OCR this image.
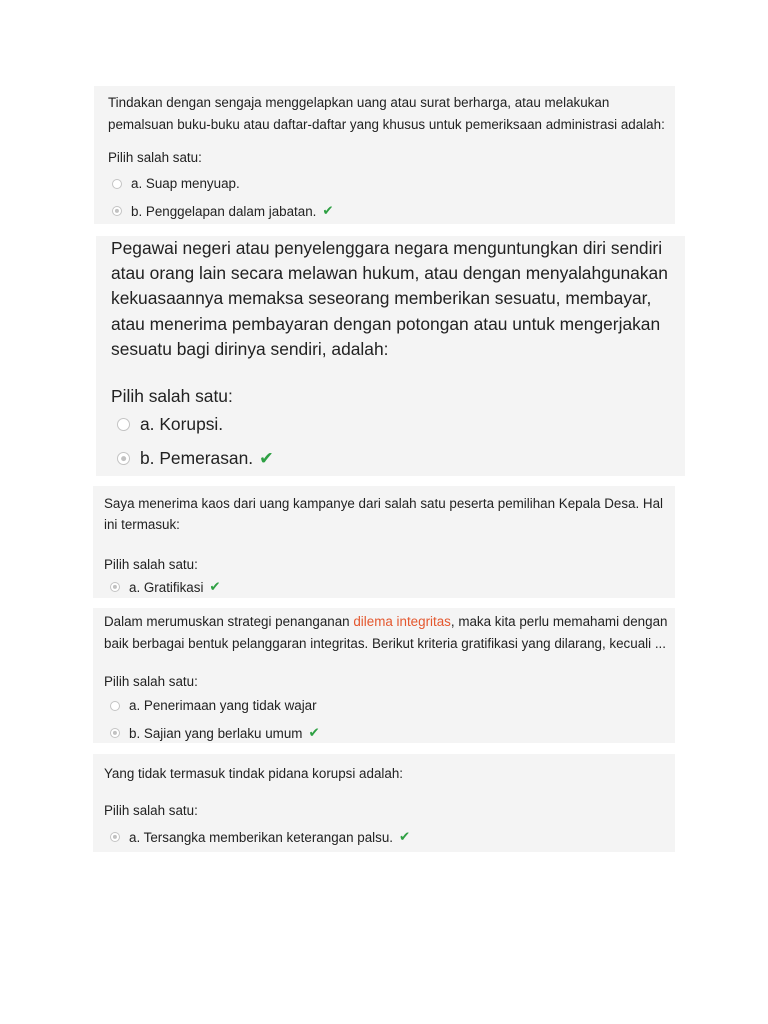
Tindakan dengan sengaja menggelapkan uang atau surat berharga, atau melakukan pemalsuan buku-buku atau daftar-daftar yang khusus untuk pemeriksaan administrasi adalah:

Pilih salah satu:

a. Suap menyuap.
b. Penggelapan dalam jabatan. ✔

Pegawai negeri atau penyelenggara negara menguntungkan diri sendiri atau orang lain secara melawan hukum, atau dengan menyalahgunakan kekuasaannya memaksa seseorang memberikan sesuatu, membayar, atau menerima pembayaran dengan potongan atau untuk mengerjakan sesuatu bagi dirinya sendiri, adalah:

Pilih salah satu:

a. Korupsi.
b. Pemerasan. ✔

Saya menerima kaos dari uang kampanye dari salah satu peserta pemilihan Kepala Desa. Hal ini termasuk:

Pilih salah satu:

a. Gratifikasi ✔

Dalam merumuskan strategi penanganan dilema integritas, maka kita perlu memahami dengan baik berbagai bentuk pelanggaran integritas. Berikut kriteria gratifikasi yang dilarang, kecuali ...

Pilih salah satu:

a. Penerimaan yang tidak wajar
b. Sajian yang berlaku umum ✔

Yang tidak termasuk tindak pidana korupsi adalah:

Pilih salah satu:

a. Tersangka memberikan keterangan palsu. ✔
